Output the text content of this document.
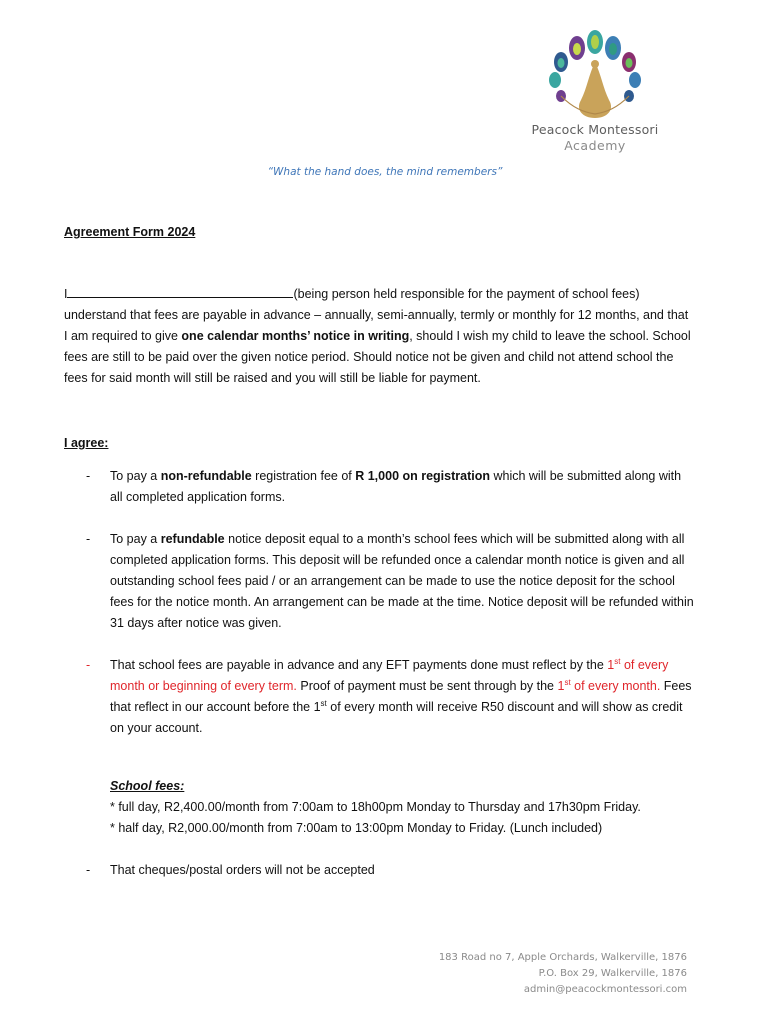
Peacock Montessori
Academy
“What the hand does, the mind remembers”
Agreement Form 2024
I	(being person held responsible for the payment of school fees) understand that fees are payable in advance – annually, semi-annually, termly or monthly for 12 months, and that I am required to give one calendar months’ notice in writing, should I wish my child to leave the school. School fees are still to be paid over the given notice period. Should notice not be given and child not attend school the fees for said month will still be raised and you will still be liable for payment.
I agree:
- To pay a non-refundable registration fee of R 1,000 on registration which will be submitted along with all completed application forms.
- To pay a refundable notice deposit equal to a month’s school fees which will be submitted along with all completed application forms. This deposit will be refunded once a calendar month notice is given and all outstanding school fees paid / or an arrangement can be made to use the notice deposit for the school fees for the notice month. An arrangement can be made at the time. Notice deposit will be refunded within 31 days after notice was given.
- That school fees are payable in advance and any EFT payments done must reflect by the 1st of every month or beginning of every term. Proof of payment must be sent through by the 1st of every month. Fees that reflect in our account before the 1st of every month will receive R50 discount and will show as credit on your account.
School fees:
* full day, R2,400.00/month from 7:00am to 18h00pm Monday to Thursday and 17h30pm Friday.
* half day, R2,000.00/month from 7:00am to 13:00pm Monday to Friday. (Lunch included)
- That cheques/postal orders will not be accepted
183 Road no 7, Apple Orchards, Walkerville, 1876
P.O. Box 29, Walkerville, 1876
admin@peacockmontessori.com
